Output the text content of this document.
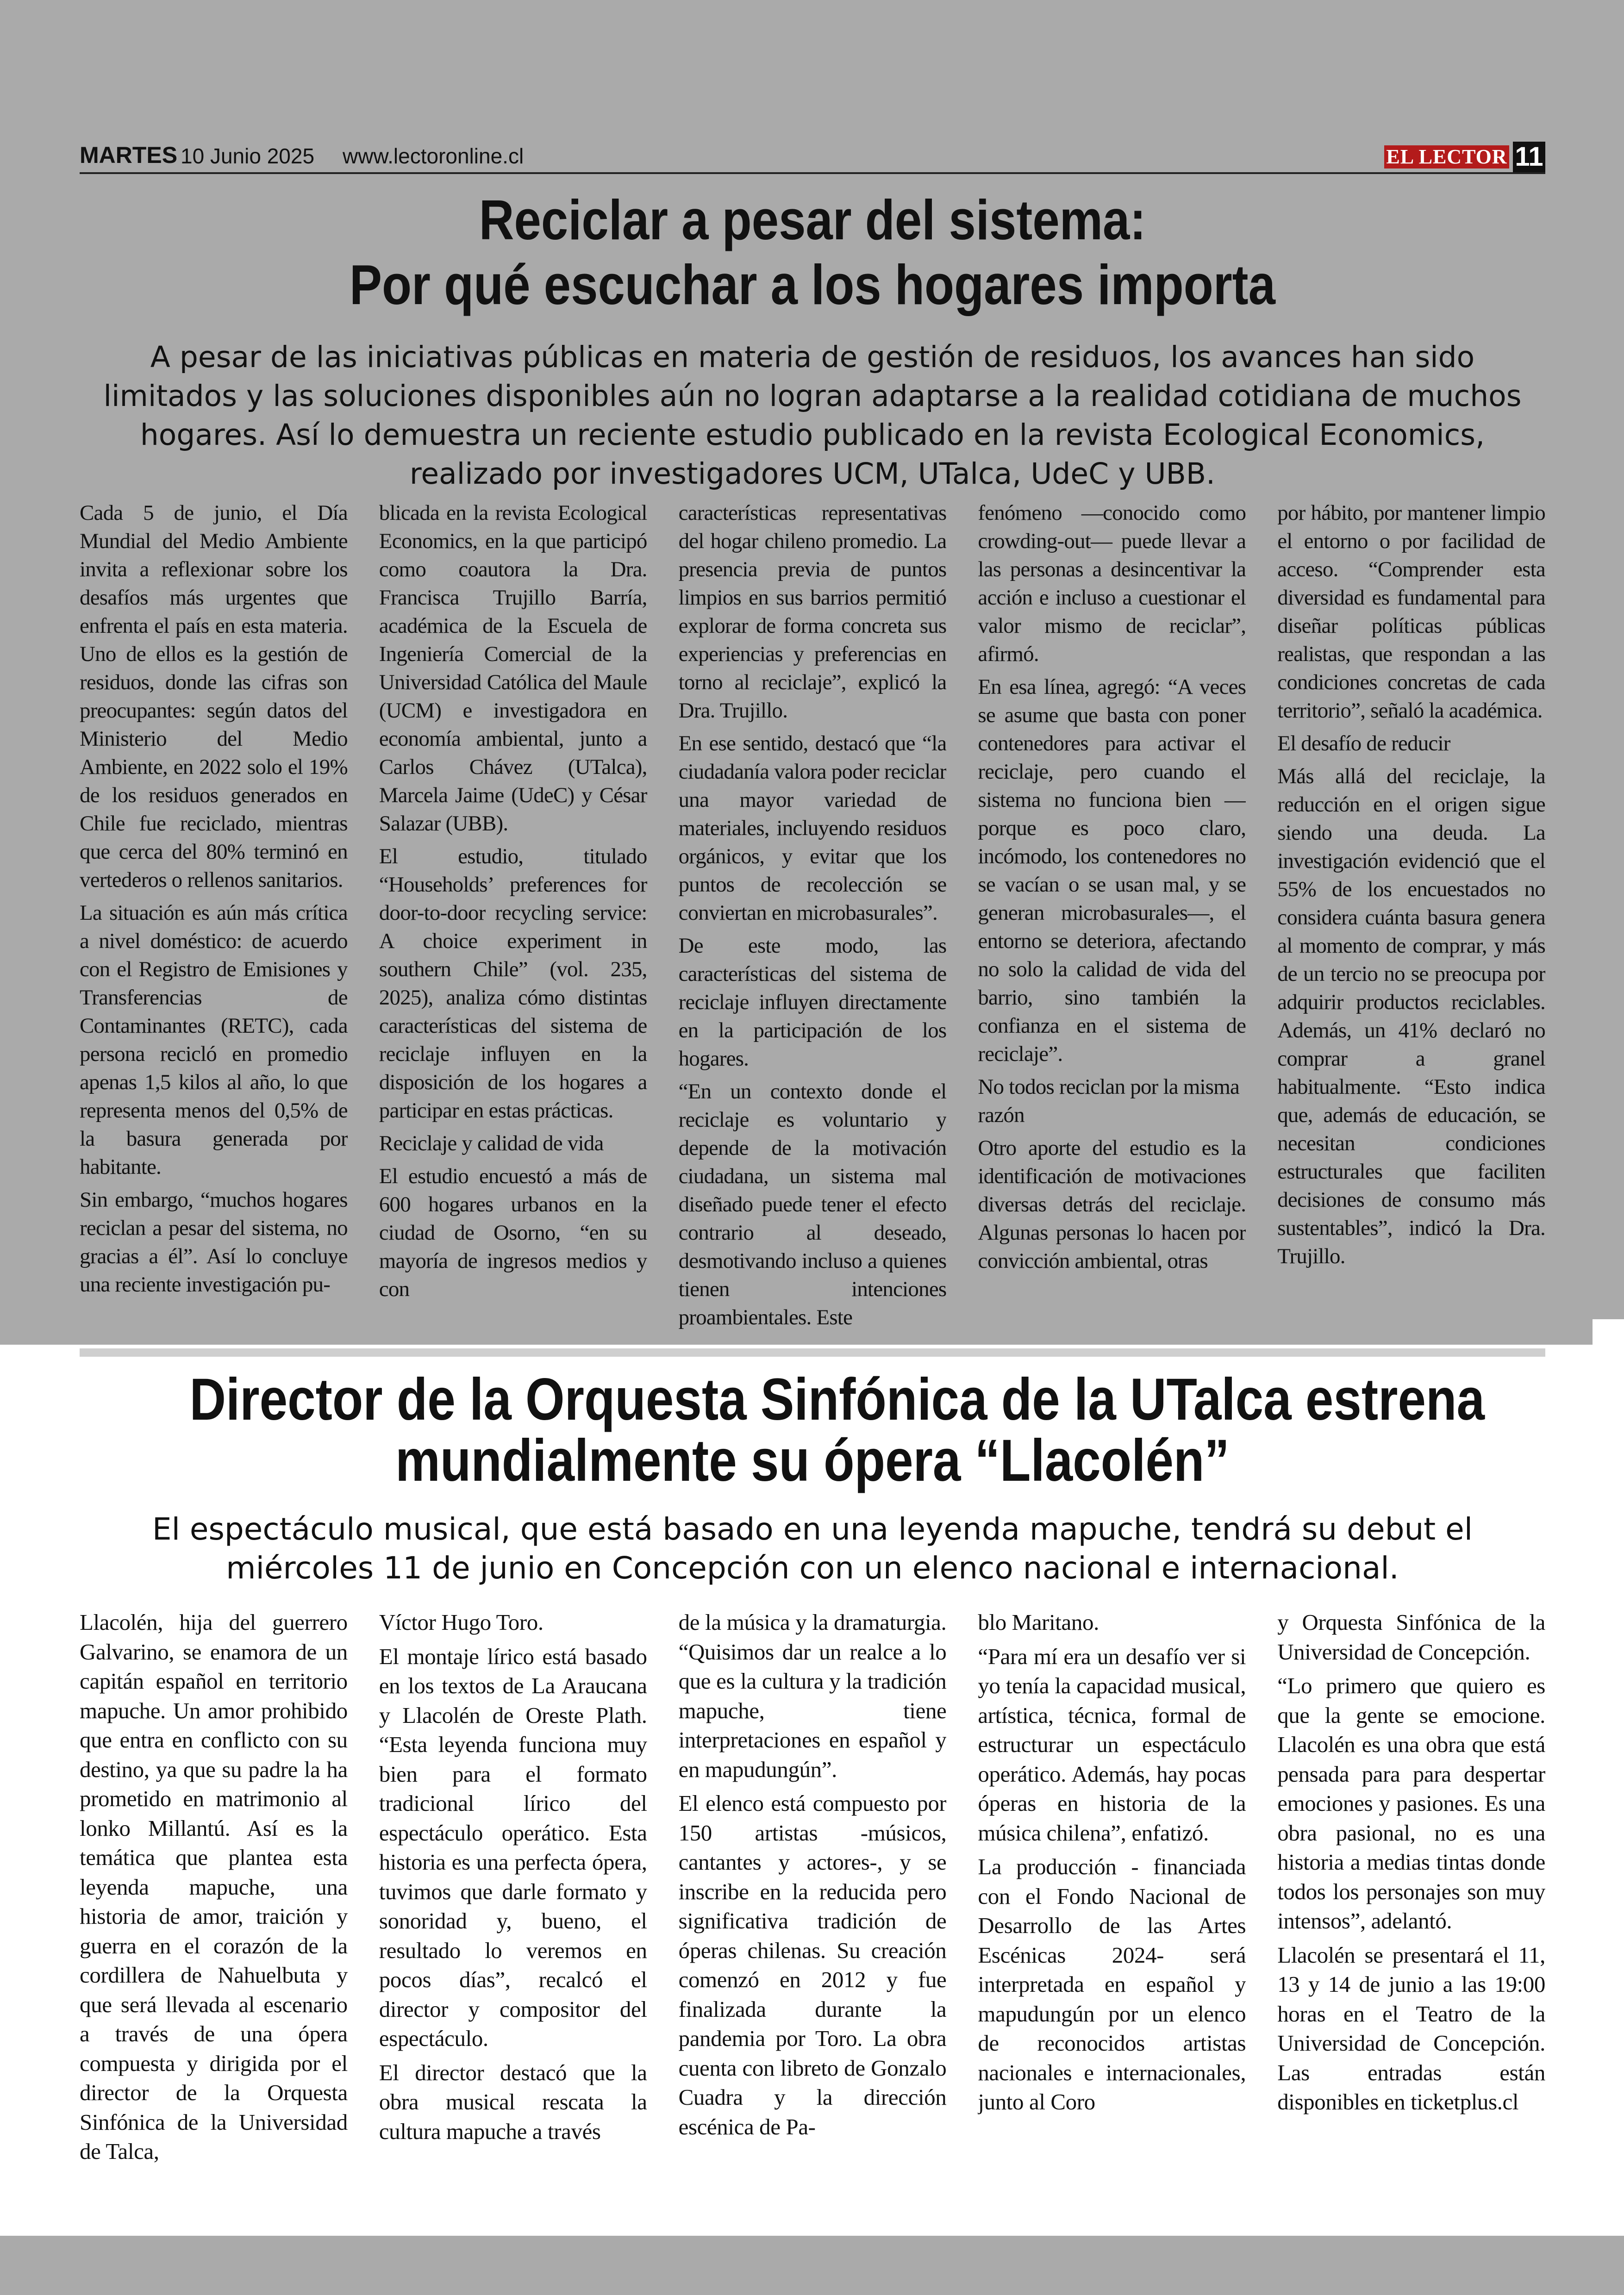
MARTES 10 Junio 2025 www.lectoronline.cl	EL LECTOR 11
Reciclar a pesar del sistema:
Por qué escuchar a los hogares importa
A pesar de las iniciativas públicas en materia de gestión de residuos, los avances han sido limitados y las soluciones disponibles aún no logran adaptarse a la realidad cotidiana de muchos hogares. Así lo demuestra un reciente estudio publicado en la revista Ecological Economics, realizado por investigadores UCM, UTalca, UdeC y UBB.

Cada 5 de junio, el Día Mundial del Medio Ambiente invita a reflexionar sobre los desafíos más urgentes que enfrenta el país en esta materia. Uno de ellos es la gestión de residuos, donde las cifras son preocupantes: según datos del Ministerio del Medio Ambiente, en 2022 solo el 19% de los residuos generados en Chile fue reciclado, mientras que cerca del 80% terminó en vertederos o rellenos sanitarios.

La situación es aún más crítica a nivel doméstico: de acuerdo con el Registro de Emisiones y Transferencias de Contaminantes (RETC), cada persona recicló en promedio apenas 1,5 kilos al año, lo que representa menos del 0,5% de la basura generada por habitante.

Sin embargo, “muchos hogares reciclan a pesar del sistema, no gracias a él”. Así lo concluye una reciente investigación pu-

blicada en la revista Ecological Economics, en la que participó como coautora la Dra. Francisca Trujillo Barría, académica de la Escuela de Ingeniería Comercial de la Universidad Católica del Maule (UCM) e investigadora en economía ambiental, junto a Carlos Chávez (UTalca), Marcela Jaime (UdeC) y César Salazar (UBB).

El estudio, titulado “Households’ preferences for door-to-door recycling service: A choice experiment in southern Chile” (vol. 235, 2025), analiza cómo distintas características del sistema de reciclaje influyen en la disposición de los hogares a participar en estas prácticas.

Reciclaje y calidad de vida

El estudio encuestó a más de 600 hogares urbanos en la ciudad de Osorno, “en su mayoría de ingresos medios y con

características representativas del hogar chileno promedio. La presencia previa de puntos limpios en sus barrios permitió explorar de forma concreta sus experiencias y preferencias en torno al reciclaje”, explicó la Dra. Trujillo.

En ese sentido, destacó que “la ciudadanía valora poder reciclar una mayor variedad de materiales, incluyendo residuos orgánicos, y evitar que los puntos de recolección se conviertan en microbasurales”.

De este modo, las características del sistema de reciclaje influyen directamente en la participación de los hogares.

“En un contexto donde el reciclaje es voluntario y depende de la motivación ciudadana, un sistema mal diseñado puede tener el efecto contrario al deseado, desmotivando incluso a quienes tienen intenciones proambientales. Este

fenómeno —conocido como crowding-out— puede llevar a las personas a desincentivar la acción e incluso a cuestionar el valor mismo de reciclar”, afirmó.

En esa línea, agregó: “A veces se asume que basta con poner contenedores para activar el reciclaje, pero cuando el sistema no funciona bien —porque es poco claro, incómodo, los contenedores no se vacían o se usan mal, y se generan microbasurales—, el entorno se deteriora, afectando no solo la calidad de vida del barrio, sino también la confianza en el sistema de reciclaje”.

No todos reciclan por la misma razón

Otro aporte del estudio es la identificación de motivaciones diversas detrás del reciclaje. Algunas personas lo hacen por convicción ambiental, otras

por hábito, por mantener limpio el entorno o por facilidad de acceso. “Comprender esta diversidad es fundamental para diseñar políticas públicas realistas, que respondan a las condiciones concretas de cada territorio”, señaló la académica.

El desafío de reducir

Más allá del reciclaje, la reducción en el origen sigue siendo una deuda. La investigación evidenció que el 55% de los encuestados no considera cuánta basura genera al momento de comprar, y más de un tercio no se preocupa por adquirir productos reciclables. Además, un 41% declaró no comprar a granel habitualmente. “Esto indica que, además de educación, se necesitan condiciones estructurales que faciliten decisiones de consumo más sustentables”, indicó la Dra. Trujillo.

Director de la Orquesta Sinfónica de la UTalca estrena
mundialmente su ópera “Llacolén”
El espectáculo musical, que está basado en una leyenda mapuche, tendrá su debut el miércoles 11 de junio en Concepción con un elenco nacional e internacional.

Llacolén, hija del guerrero Galvarino, se enamora de un capitán español en territorio mapuche. Un amor prohibido que entra en conflicto con su destino, ya que su padre la ha prometido en matrimonio al lonko Millantú. Así es la temática que plantea esta leyenda mapuche, una historia de amor, traición y guerra en el corazón de la cordillera de Nahuelbuta y que será llevada al escenario a través de una ópera compuesta y dirigida por el director de la Orquesta Sinfónica de la Universidad de Talca,

Víctor Hugo Toro.

El montaje lírico está basado en los textos de La Araucana y Llacolén de Oreste Plath. “Esta leyenda funciona muy bien para el formato tradicional lírico del espectáculo operático. Esta historia es una perfecta ópera, tuvimos que darle formato y sonoridad y, bueno, el resultado lo veremos en pocos días”, recalcó el director y compositor del espectáculo.

El director destacó que la obra musical rescata la cultura mapuche a través

de la música y la dramaturgia. “Quisimos dar un realce a lo que es la cultura y la tradición mapuche, tiene interpretaciones en español y en mapudungún”.

El elenco está compuesto por 150 artistas -músicos, cantantes y actores-, y se inscribe en la reducida pero significativa tradición de óperas chilenas. Su creación comenzó en 2012 y fue finalizada durante la pandemia por Toro. La obra cuenta con libreto de Gonzalo Cuadra y la dirección escénica de Pa-

blo Maritano.

“Para mí era un desafío ver si yo tenía la capacidad musical, artística, técnica, formal de estructurar un espectáculo operático. Además, hay pocas óperas en historia de la música chilena”, enfatizó.

La producción - financiada con el Fondo Nacional de Desarrollo de las Artes Escénicas 2024- será interpretada en español y mapudungún por un elenco de reconocidos artistas nacionales e internacionales, junto al Coro

y Orquesta Sinfónica de la Universidad de Concepción.

“Lo primero que quiero es que la gente se emocione. Llacolén es una obra que está pensada para para despertar emociones y pasiones. Es una obra pasional, no es una historia a medias tintas donde todos los personajes son muy intensos”, adelantó.

Llacolén se presentará el 11, 13 y 14 de junio a las 19:00 horas en el Teatro de la Universidad de Concepción. Las entradas están disponibles en ticketplus.cl
